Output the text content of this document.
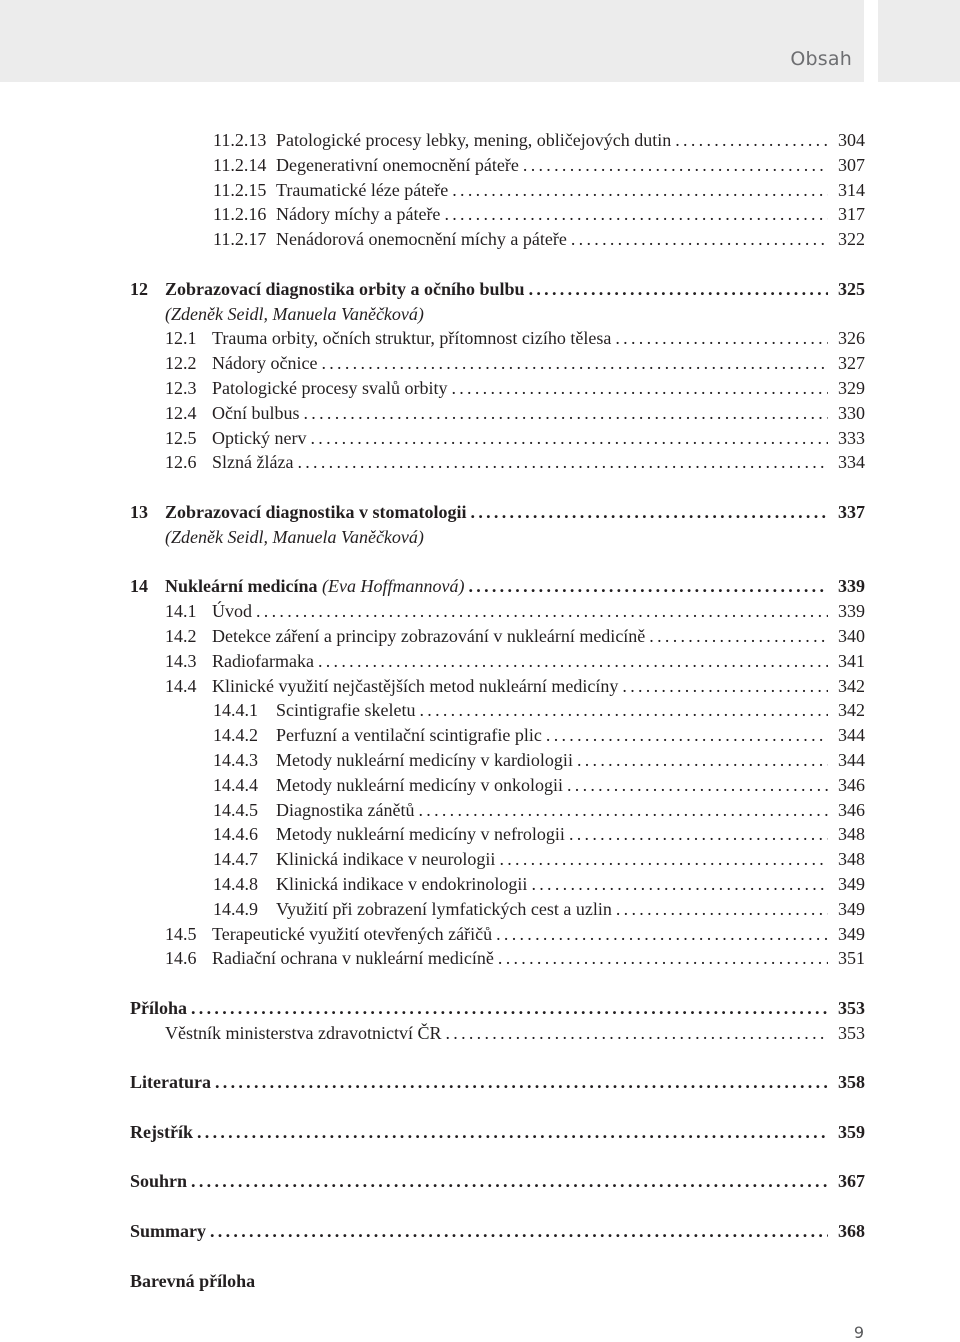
Obsah
11.2.13 Patologické procesy lebky, mening, obličejových dutin . . .	304
11.2.14 Degenerativní onemocnění páteře . . .	307
11.2.15 Traumatické léze páteře . . .	314
11.2.16 Nádory míchy a páteře . . .	317
11.2.17 Nenádorová onemocnění míchy a páteře . . .	322
12 Zobrazovací diagnostika orbity a očního bulbu . . .	325
(Zdeněk Seidl, Manuela Vaněčková)
12.1 Trauma orbity, očních struktur, přítomnost cizího tělesa . . .	326
12.2 Nádory očnice . . .	327
12.3 Patologické procesy svalů orbity . . .	329
12.4 Oční bulbus . . .	330
12.5 Optický nerv . . .	333
12.6 Slzná žláza . . .	334
13 Zobrazovací diagnostika v stomatologii . . .	337
(Zdeněk Seidl, Manuela Vaněčková)
14 Nukleární medicína (Eva Hoffmannová) . . .	339
14.1 Úvod . . .	339
14.2 Detekce záření a principy zobrazování v nukleární medicíně . . .	340
14.3 Radiofarmaka . . .	341
14.4 Klinické využití nejčastějších metod nukleární medicíny . . .	342
14.4.1	Scintigrafie skeletu . . .	342
14.4.2	Perfuzní a ventilační scintigrafie plic . . .	344
14.4.3	Metody nukleární medicíny v kardiologii . . .	344
14.4.4	Metody nukleární medicíny v onkologii . . .	346
14.4.5	Diagnostika zánětů . . .	346
14.4.6	Metody nukleární medicíny v nefrologii . . .	348
14.4.7	Klinická indikace v neurologii . . .	348
14.4.8	Klinická indikace v endokrinologii . . .	349
14.4.9	Využití při zobrazení lymfatických cest a uzlin . . .	349
14.5 Terapeutické využití otevřených zářičů . . .	349
14.6 Radiační ochrana v nukleární medicíně . . .	351
Příloha . . .	353
Věstník ministerstva zdravotnictví ČR . . .	353
Literatura . . .	358
Rejstřík . . .	359
Souhrn . . .	367
Summary . . .	368
Barevná příloha
9
